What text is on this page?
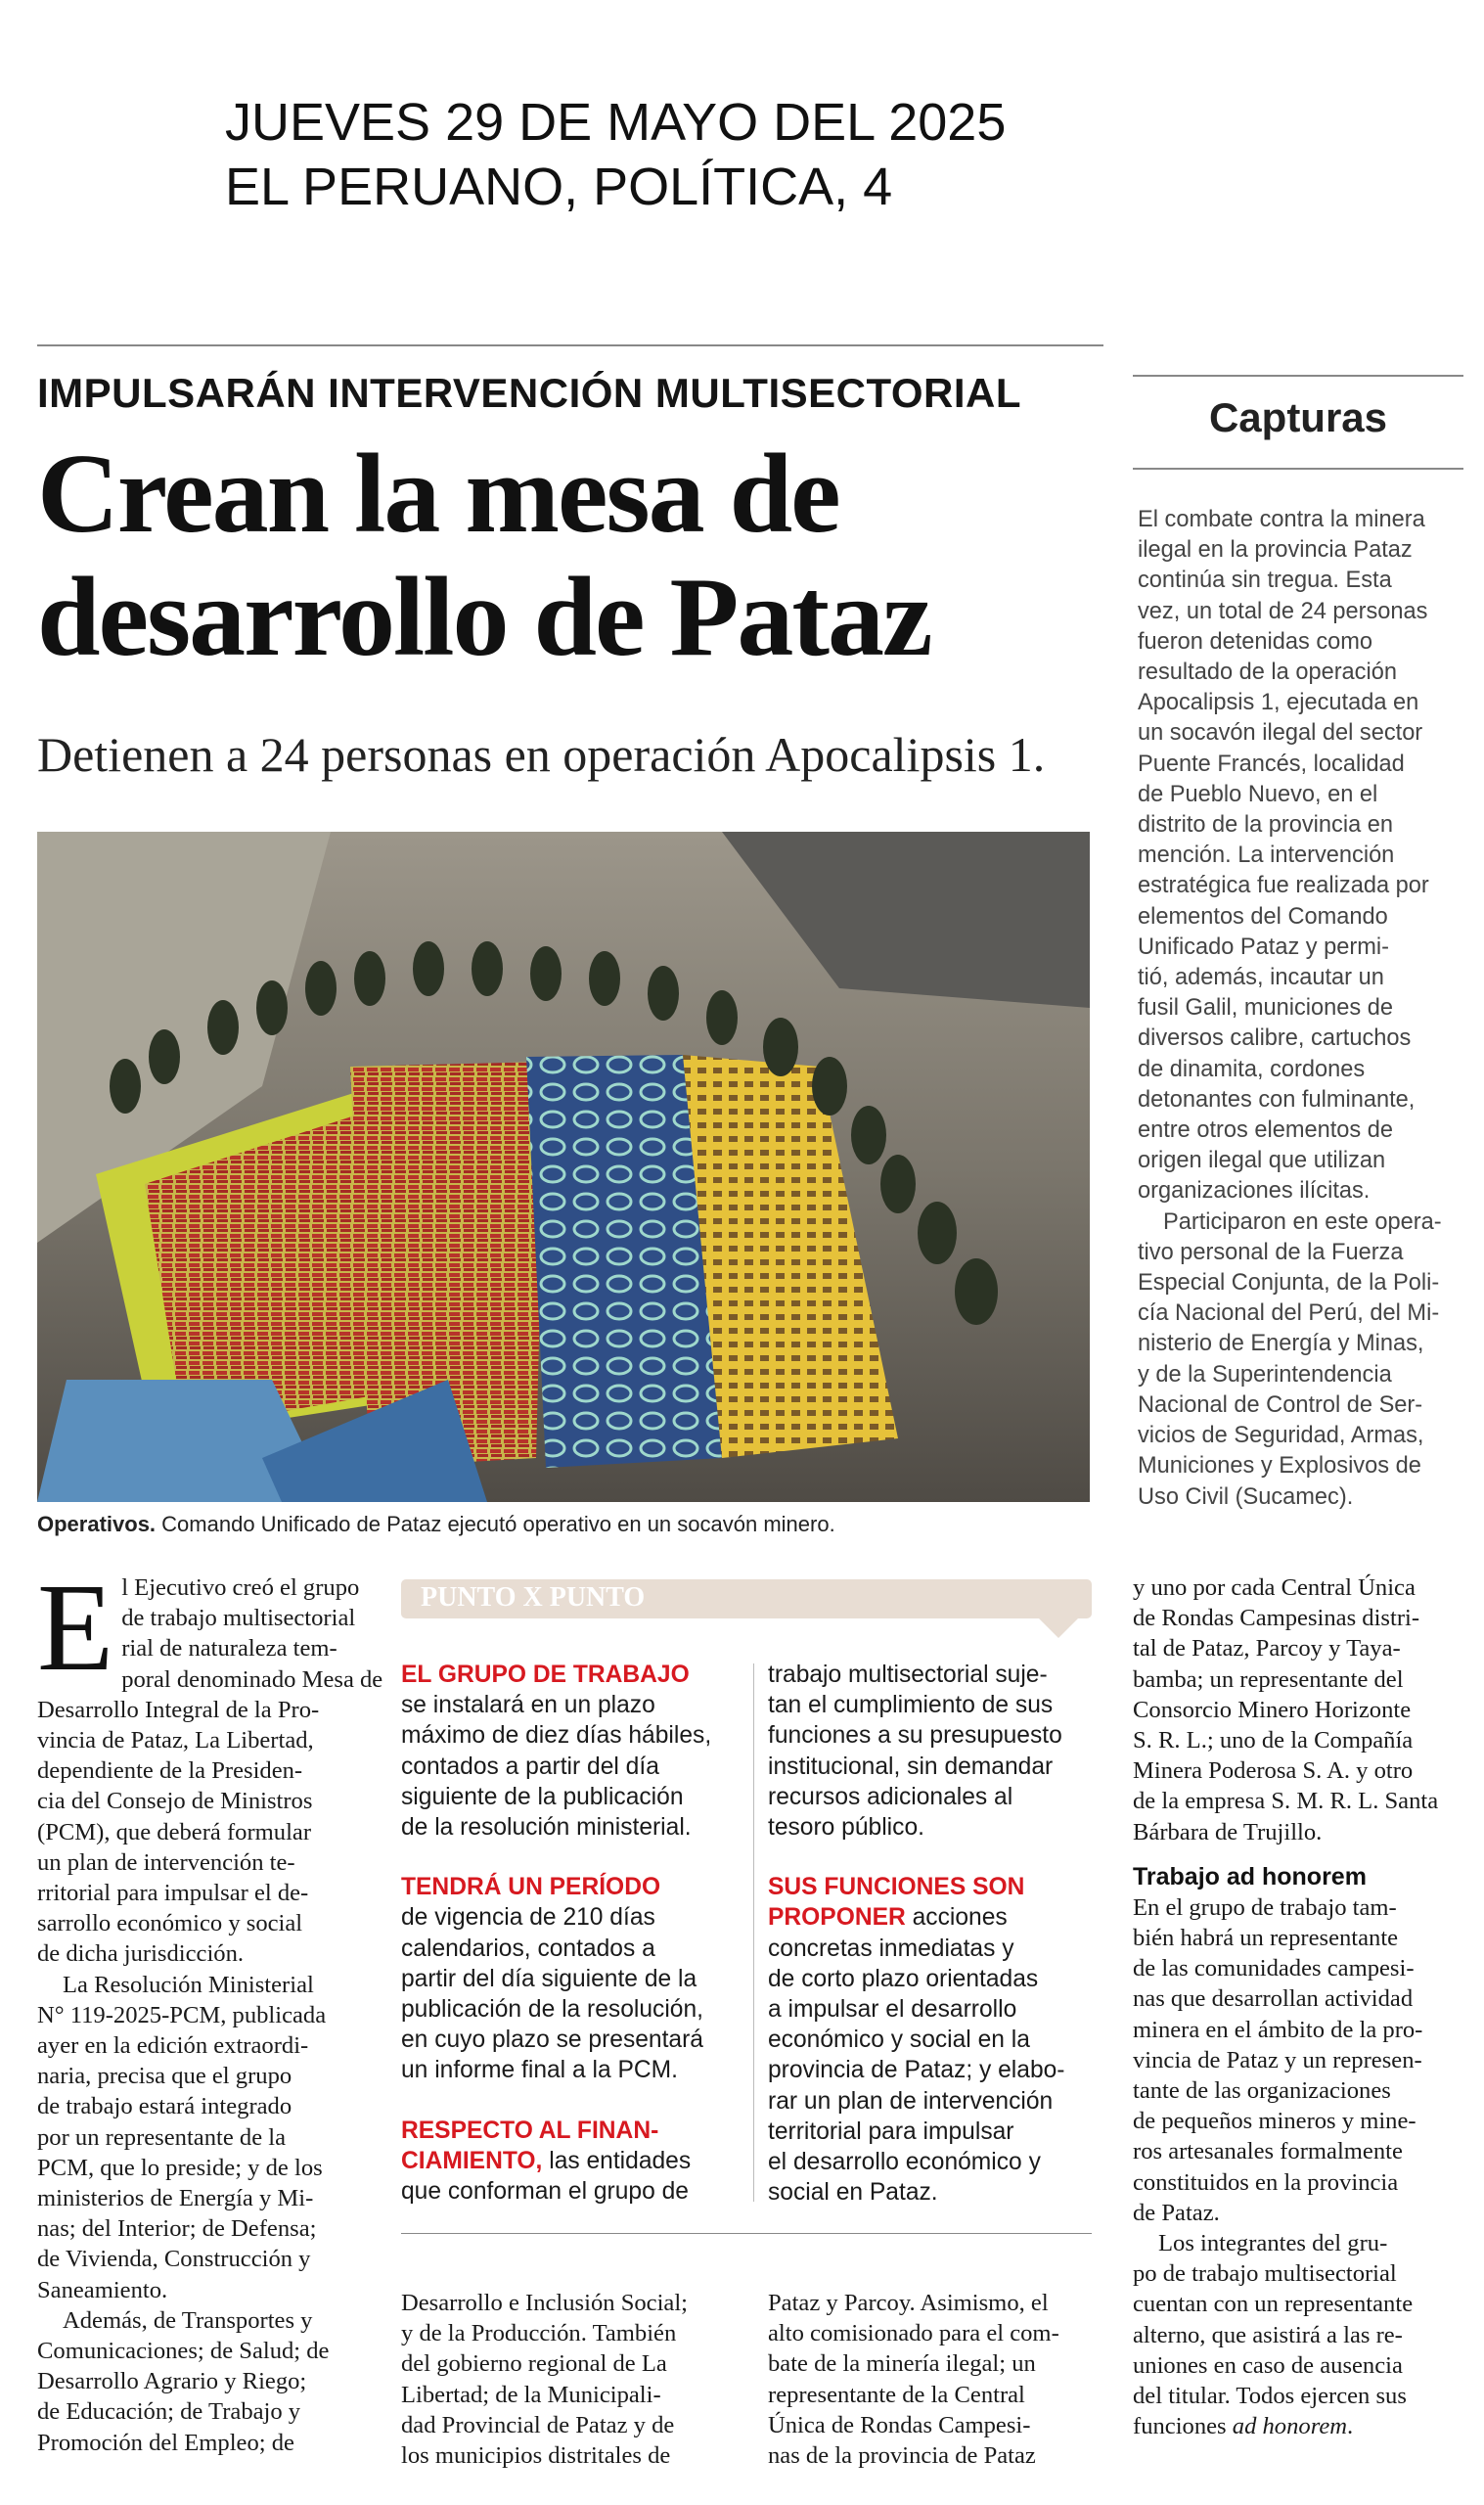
JUEVES 29 DE MAYO DEL 2025
EL PERUANO, POLÍTICA, 4
IMPULSARÁN INTERVENCIÓN MULTISECTORIAL
Crean la mesa de
desarrollo de Pataz
Detienen a 24 personas en operación Apocalipsis 1.
Operativos. Comando Unificado de Pataz ejecutó operativo en un socavón minero.
Capturas
El combate contra la minera
ilegal en la provincia Pataz
continúa sin tregua. Esta
vez, un total de 24 personas
fueron detenidas como
resultado de la operación
Apocalipsis 1, ejecutada en
un socavón ilegal del sector
Puente Francés, localidad
de Pueblo Nuevo, en el
distrito de la provincia en
mención. La intervención
estratégica fue realizada por
elementos del Comando
Unificado Pataz y permi-
tió, además, incautar un
fusil Galil, municiones de
diversos calibre, cartuchos
de dinamita, cordones
detonantes con fulminante,
entre otros elementos de
origen ilegal que utilizan
organizaciones ilícitas.
Participaron en este opera-
tivo personal de la Fuerza
Especial Conjunta, de la Poli-
cía Nacional del Perú, del Mi-
nisterio de Energía y Minas,
y de la Superintendencia
Nacional de Control de Ser-
vicios de Seguridad, Armas,
Municiones y Explosivos de
Uso Civil (Sucamec).
E l Ejecutivo creó el grupo
de trabajo multisectorial
rial de naturaleza tem-
poral denominado Mesa de
Desarrollo Integral de la Pro-
vincia de Pataz, La Libertad,
dependiente de la Presiden-
cia del Consejo de Ministros
(PCM), que deberá formular
un plan de intervención te-
rritorial para impulsar el de-
sarrollo económico y social
de dicha jurisdicción.
La Resolución Ministerial
N° 119-2025-PCM, publicada
ayer en la edición extraordi-
naria, precisa que el grupo
de trabajo estará integrado
por un representante de la
PCM, que lo preside; y de los
ministerios de Energía y Mi-
nas; del Interior; de Defensa;
de Vivienda, Construcción y
Saneamiento.
Además, de Transportes y
Comunicaciones; de Salud; de
Desarrollo Agrario y Riego;
de Educación; de Trabajo y
Promoción del Empleo; de
PUNTO X PUNTO
EL GRUPO DE TRABAJO
se instalará en un plazo
máximo de diez días hábiles,
contados a partir del día
siguiente de la publicación
de la resolución ministerial.
TENDRÁ UN PERÍODO
de vigencia de 210 días
calendarios, contados a
partir del día siguiente de la
publicación de la resolución,
en cuyo plazo se presentará
un informe final a la PCM.
RESPECTO AL FINAN-
CIAMIENTO, las entidades
que conforman el grupo de
trabajo multisectorial suje-
tan el cumplimiento de sus
funciones a su presupuesto
institucional, sin demandar
recursos adicionales al
tesoro público.
SUS FUNCIONES SON
PROPONER acciones
concretas inmediatas y
de corto plazo orientadas
a impulsar el desarrollo
económico y social en la
provincia de Pataz; y elabo-
rar un plan de intervención
territorial para impulsar
el desarrollo económico y
social en Pataz.
Desarrollo e Inclusión Social;
y de la Producción. También
del gobierno regional de La
Libertad; de la Municipali-
dad Provincial de Pataz y de
los municipios distritales de
Pataz y Parcoy. Asimismo, el
alto comisionado para el com-
bate de la minería ilegal; un
representante de la Central
Única de Rondas Campesi-
nas de la provincia de Pataz
y uno por cada Central Única
de Rondas Campesinas distri-
tal de Pataz, Parcoy y Taya-
bamba; un representante del
Consorcio Minero Horizonte
S. R. L.; uno de la Compañía
Minera Poderosa S. A. y otro
de la empresa S. M. R. L. Santa
Bárbara de Trujillo.
Trabajo ad honorem
En el grupo de trabajo tam-
bién habrá un representante
de las comunidades campesi-
nas que desarrollan actividad
minera en el ámbito de la pro-
vincia de Pataz y un represen-
tante de las organizaciones
de pequeños mineros y mine-
ros artesanales formalmente
constituidos en la provincia
de Pataz.
Los integrantes del gru-
po de trabajo multisectorial
cuentan con un representante
alterno, que asistirá a las re-
uniones en caso de ausencia
del titular. Todos ejercen sus
funciones ad honorem.
